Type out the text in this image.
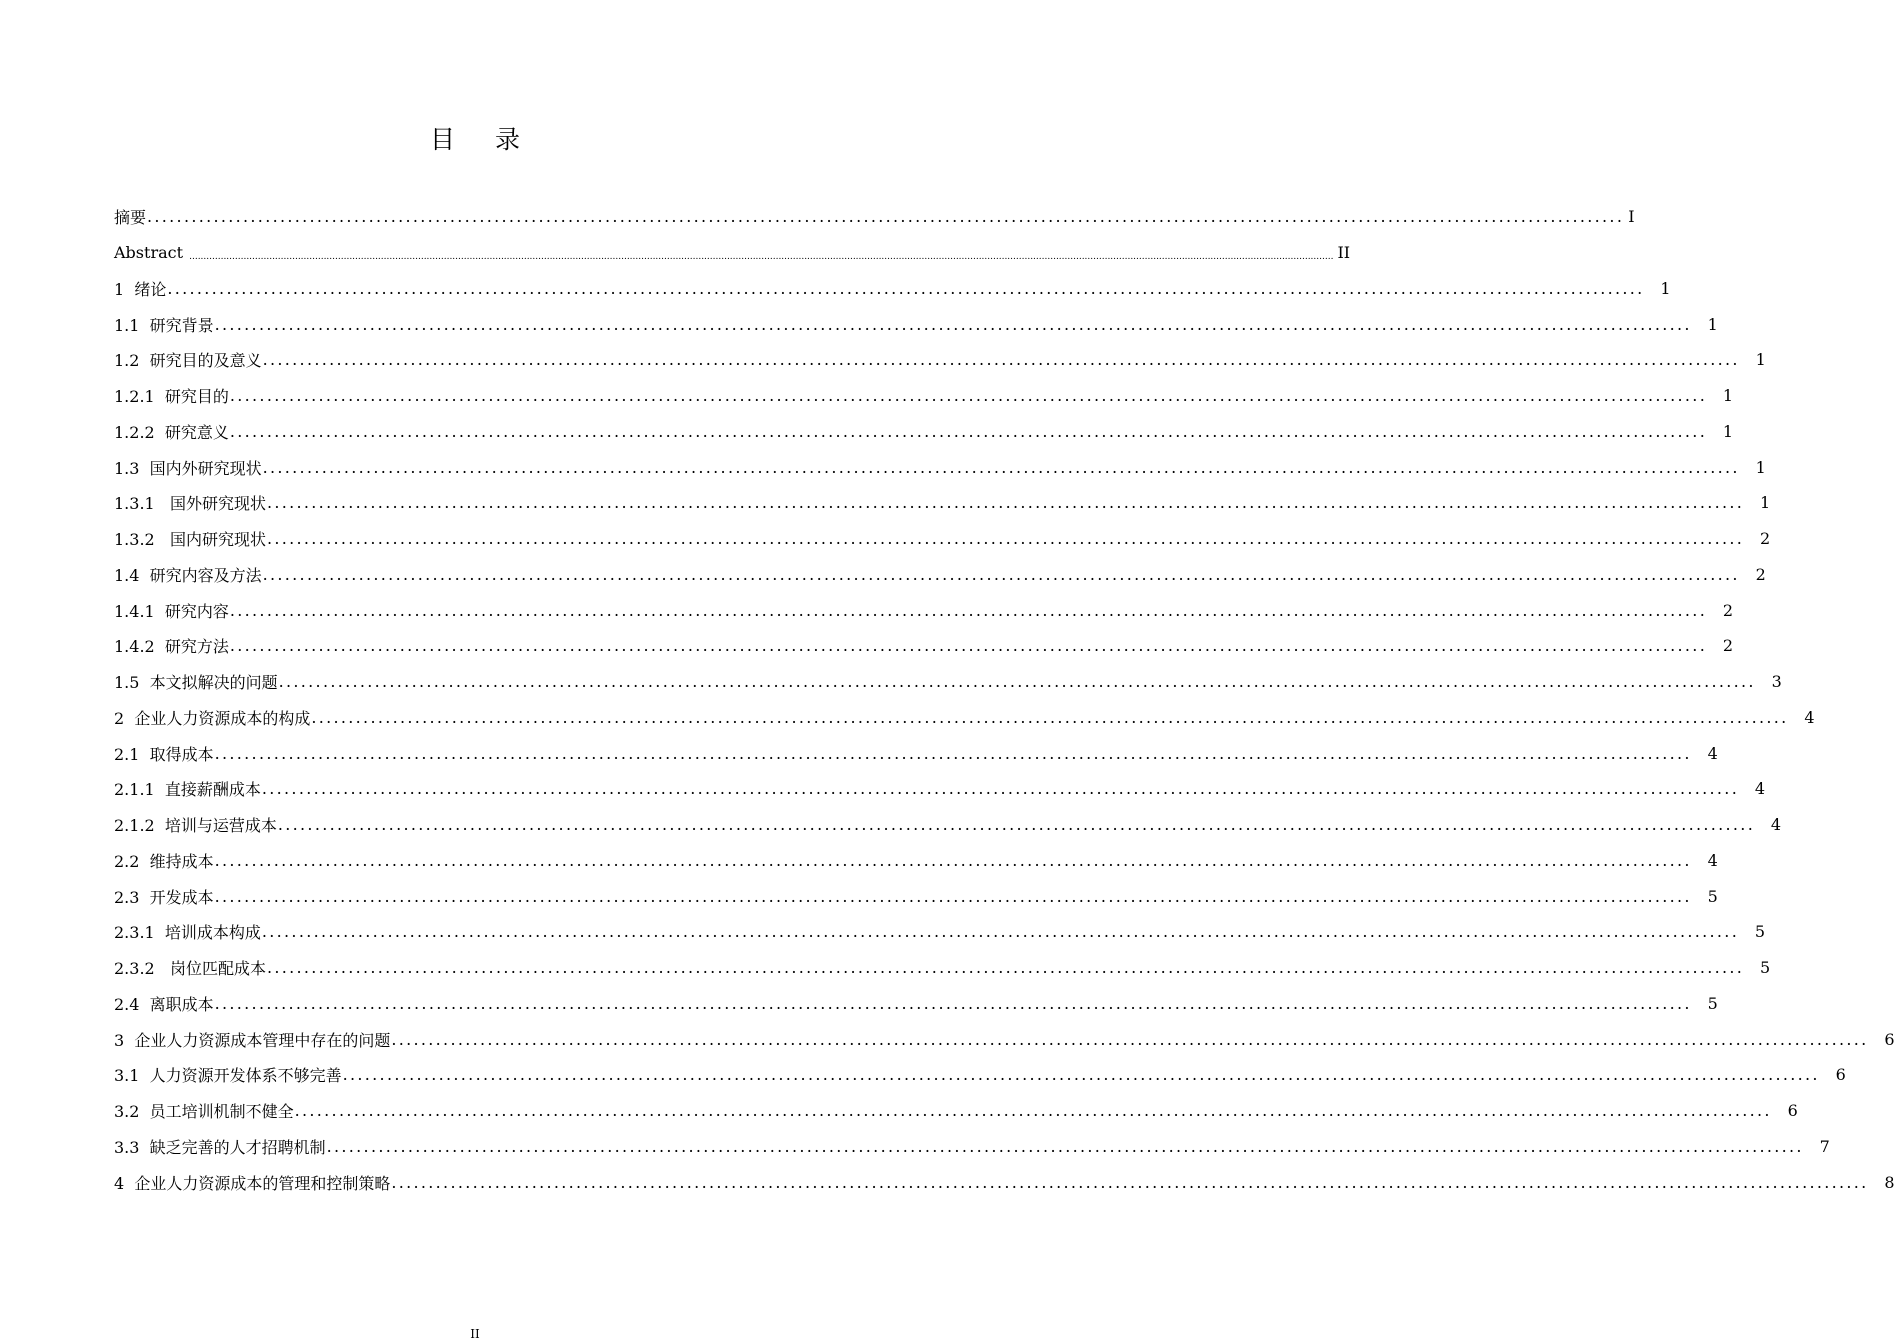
目 录
摘要 ........................................................................................................................................................................................................ I
Abstract ................................................................................................................................................................................................................................................................................................................................................................................................................ II
1  绪论 ........................................................................................................................................................................................................ 1
1.1  研究背景 ........................................................................................................................................................................................................ 1
1.2  研究目的及意义 ........................................................................................................................................................................................................ 1
1.2.1  研究目的 ........................................................................................................................................................................................................ 1
1.2.2  研究意义 ........................................................................................................................................................................................................ 1
1.3  国内外研究现状 ........................................................................................................................................................................................................ 1
1.3.1   国外研究现状 ........................................................................................................................................................................................................ 1
1.3.2   国内研究现状 ........................................................................................................................................................................................................ 2
1.4  研究内容及方法 ........................................................................................................................................................................................................ 2
1.4.1  研究内容 ........................................................................................................................................................................................................ 2
1.4.2  研究方法 ........................................................................................................................................................................................................ 2
1.5  本文拟解决的问题 ........................................................................................................................................................................................................ 3
2  企业人力资源成本的构成 ........................................................................................................................................................................................................ 4
2.1  取得成本 ........................................................................................................................................................................................................ 4
2.1.1  直接薪酬成本 ........................................................................................................................................................................................................ 4
2.1.2  培训与运营成本 ........................................................................................................................................................................................................ 4
2.2  维持成本 ........................................................................................................................................................................................................ 4
2.3  开发成本 ........................................................................................................................................................................................................ 5
2.3.1  培训成本构成 ........................................................................................................................................................................................................ 5
2.3.2   岗位匹配成本 ........................................................................................................................................................................................................ 5
2.4  离职成本 ........................................................................................................................................................................................................ 5
3  企业人力资源成本管理中存在的问题 ........................................................................................................................................................................................................ 6
3.1  人力资源开发体系不够完善 ........................................................................................................................................................................................................ 6
3.2  员工培训机制不健全 ........................................................................................................................................................................................................ 6
3.3  缺乏完善的人才招聘机制 ........................................................................................................................................................................................................ 7
4  企业人力资源成本的管理和控制策略 ........................................................................................................................................................................................................ 8
II
